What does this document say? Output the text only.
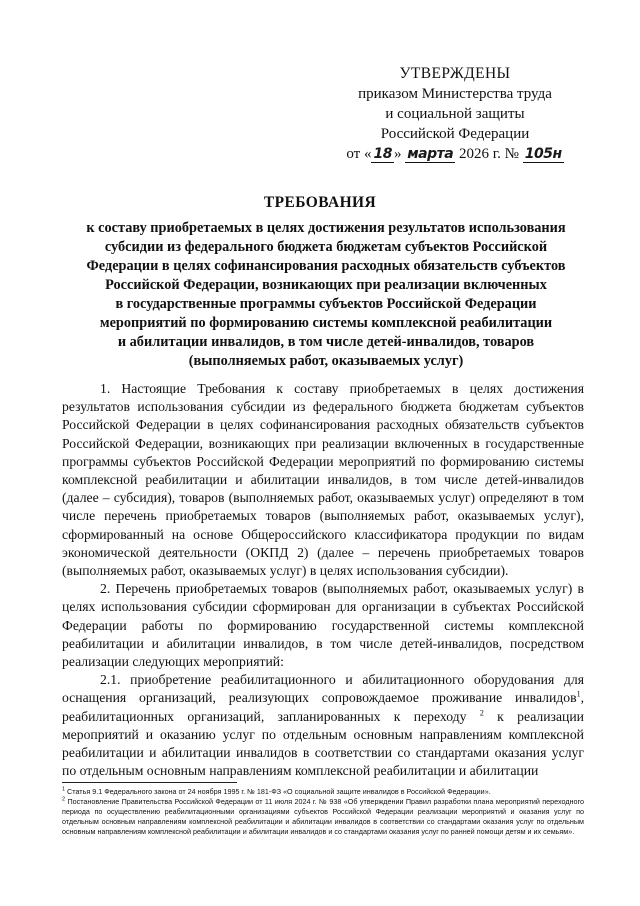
УТВЕРЖДЕНЫ
приказом Министерства труда
и социальной защиты
Российской Федерации
от « 18 » марта 2026 г. № 105н
ТРЕБОВАНИЯ
к составу приобретаемых в целях достижения результатов использования
субсидии из федерального бюджета бюджетам субъектов Российской
Федерации в целях софинансирования расходных обязательств субъектов
Российской Федерации, возникающих при реализации включенных
в государственные программы субъектов Российской Федерации
мероприятий по формированию системы комплексной реабилитации
и абилитации инвалидов, в том числе детей-инвалидов, товаров
(выполняемых работ, оказываемых услуг)

1. Настоящие Требования к составу приобретаемых в целях достижения результатов использования субсидии из федерального бюджета бюджетам субъектов Российской Федерации в целях софинансирования расходных обязательств субъектов Российской Федерации, возникающих при реализации включенных в государственные программы субъектов Российской Федерации мероприятий по формированию системы комплексной реабилитации и абилитации инвалидов, в том числе детей-инвалидов (далее – субсидия), товаров (выполняемых работ, оказываемых услуг) определяют в том числе перечень приобретаемых товаров (выполняемых работ, оказываемых услуг), сформированный на основе Общероссийского классификатора продукции по видам экономической деятельности (ОКПД 2) (далее – перечень приобретаемых товаров (выполняемых работ, оказываемых услуг) в целях использования субсидии).

2. Перечень приобретаемых товаров (выполняемых работ, оказываемых услуг) в целях использования субсидии сформирован для организации в субъектах Российской Федерации работы по формированию государственной системы комплексной реабилитации и абилитации инвалидов, в том числе детей-инвалидов, посредством реализации следующих мероприятий:

2.1. приобретение реабилитационного и абилитационного оборудования для оснащения организаций, реализующих сопровождаемое проживание инвалидов$^1$, реабилитационных организаций, запланированных к переходу $^2$ к реализации мероприятий и оказанию услуг по отдельным основным направлениям комплексной реабилитации и абилитации инвалидов в соответствии со стандартами оказания услуг по отдельным основным направлениям комплексной реабилитации и абилитации

$^1$ Статья 9.1 Федерального закона от 24 ноября 1995 г. № 181-ФЗ «О социальной защите инвалидов в Российской Федерации».

$^2$ Постановление Правительства Российской Федерации от 11 июля 2024 г. № 938 «Об утверждении Правил разработки плана мероприятий переходного периода по осуществлению реабилитационными организациями субъектов Российской Федерации реализации мероприятий и оказания услуг по отдельным основным направлениям комплексной реабилитации и абилитации инвалидов в соответствии со стандартами оказания услуг по отдельным основным направлениям комплексной реабилитации и абилитации инвалидов и со стандартами оказания услуг по ранней помощи детям и их семьям».
